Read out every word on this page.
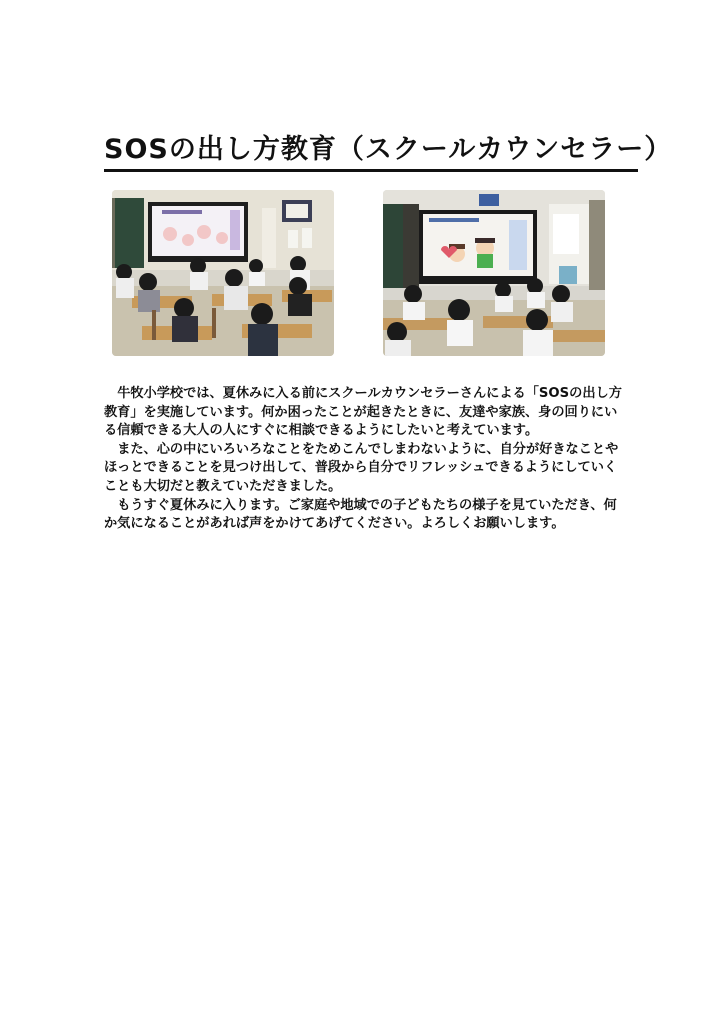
SOSの出し方教育（スクールカウンセラー）

牛牧小学校では、夏休みに入る前にスクールカウンセラーさんによる「SOSの出し方教育」を実施しています。何か困ったことが起きたときに、友達や家族、身の回りにいる信頼できる大人の人にすぐに相談できるようにしたいと考えています。

また、心の中にいろいろなことをためこんでしまわないように、自分が好きなことやほっとできることを見つけ出して、普段から自分でリフレッシュできるようにしていくことも大切だと教えていただきました。

もうすぐ夏休みに入ります。ご家庭や地域での子どもたちの様子を見ていただき、何か気になることがあれば声をかけてあげてください。よろしくお願いします。
